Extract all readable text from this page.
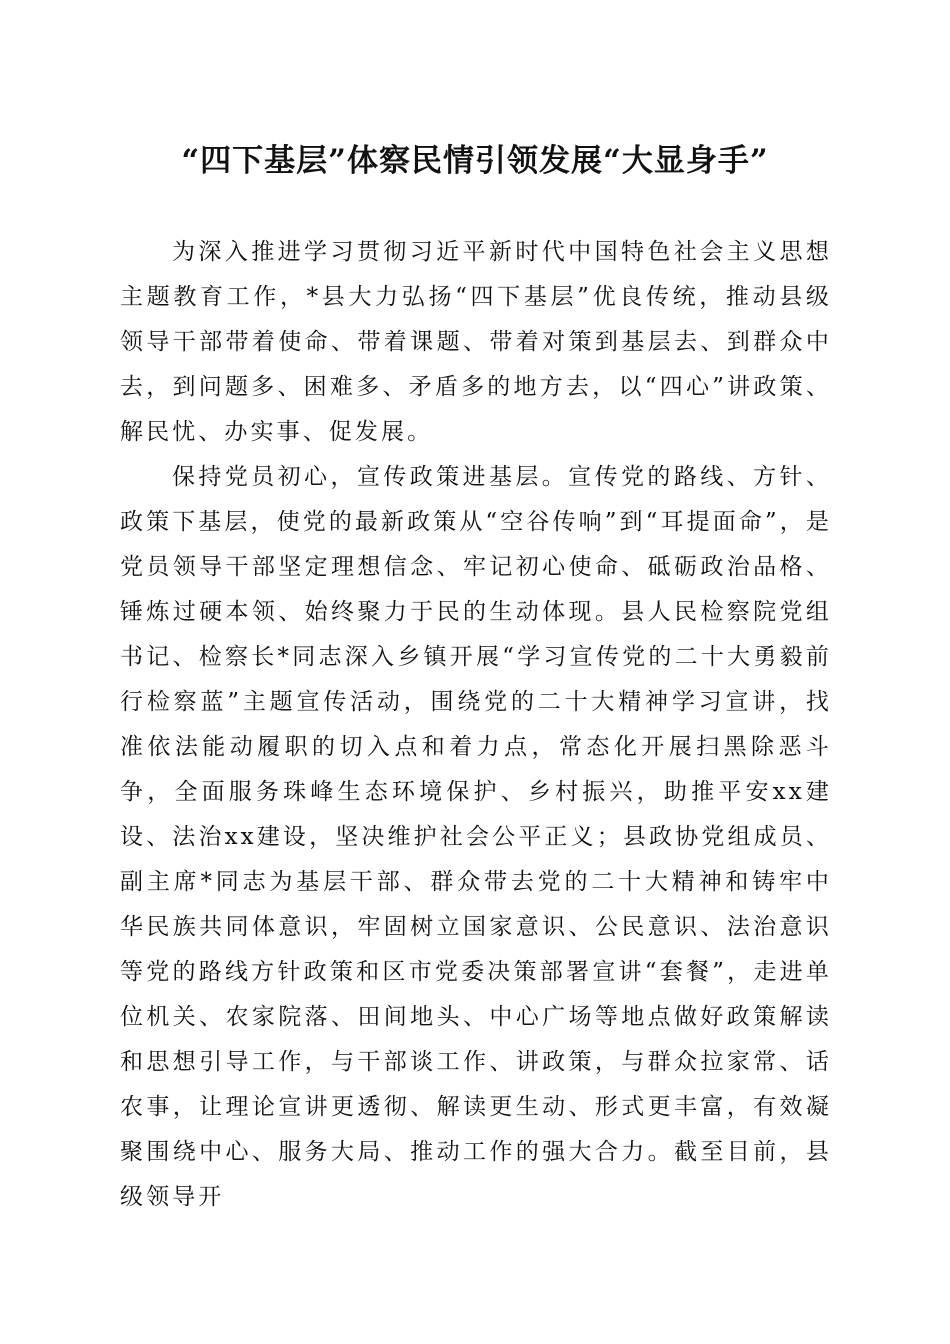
“四下基层”体察民情引领发展“大显身手”

为深入推进学习贯彻习近平新时代中国特色社会主义思想主题教育工作，*县大力弘扬“四下基层”优良传统，推动县级领导干部带着使命、带着课题、带着对策到基层去、到群众中去，到问题多、困难多、矛盾多的地方去，以“四心”讲政策、解民忧、办实事、促发展。

保持党员初心，宣传政策进基层。宣传党的路线、方针、政策下基层，使党的最新政策从“空谷传响”到“耳提面命”，是党员领导干部坚定理想信念、牢记初心使命、砥砺政治品格、锤炼过硬本领、始终聚力于民的生动体现。县人民检察院党组书记、检察长*同志深入乡镇开展“学习宣传党的二十大勇毅前行检察蓝”主题宣传活动，围绕党的二十大精神学习宣讲，找准依法能动履职的切入点和着力点，常态化开展扫黑除恶斗争，全面服务珠峰生态环境保护、乡村振兴，助推平安xx建设、法治xx建设，坚决维护社会公平正义；县政协党组成员、副主席*同志为基层干部、群众带去党的二十大精神和铸牢中华民族共同体意识，牢固树立国家意识、公民意识、法治意识等党的路线方针政策和区市党委决策部署宣讲“套餐”，走进单位机关、农家院落、田间地头、中心广场等地点做好政策解读和思想引导工作，与干部谈工作、讲政策，与群众拉家常、话农事，让理论宣讲更透彻、解读更生动、形式更丰富，有效凝聚围绕中心、服务大局、推动工作的强大合力。截至目前，县级领导开
